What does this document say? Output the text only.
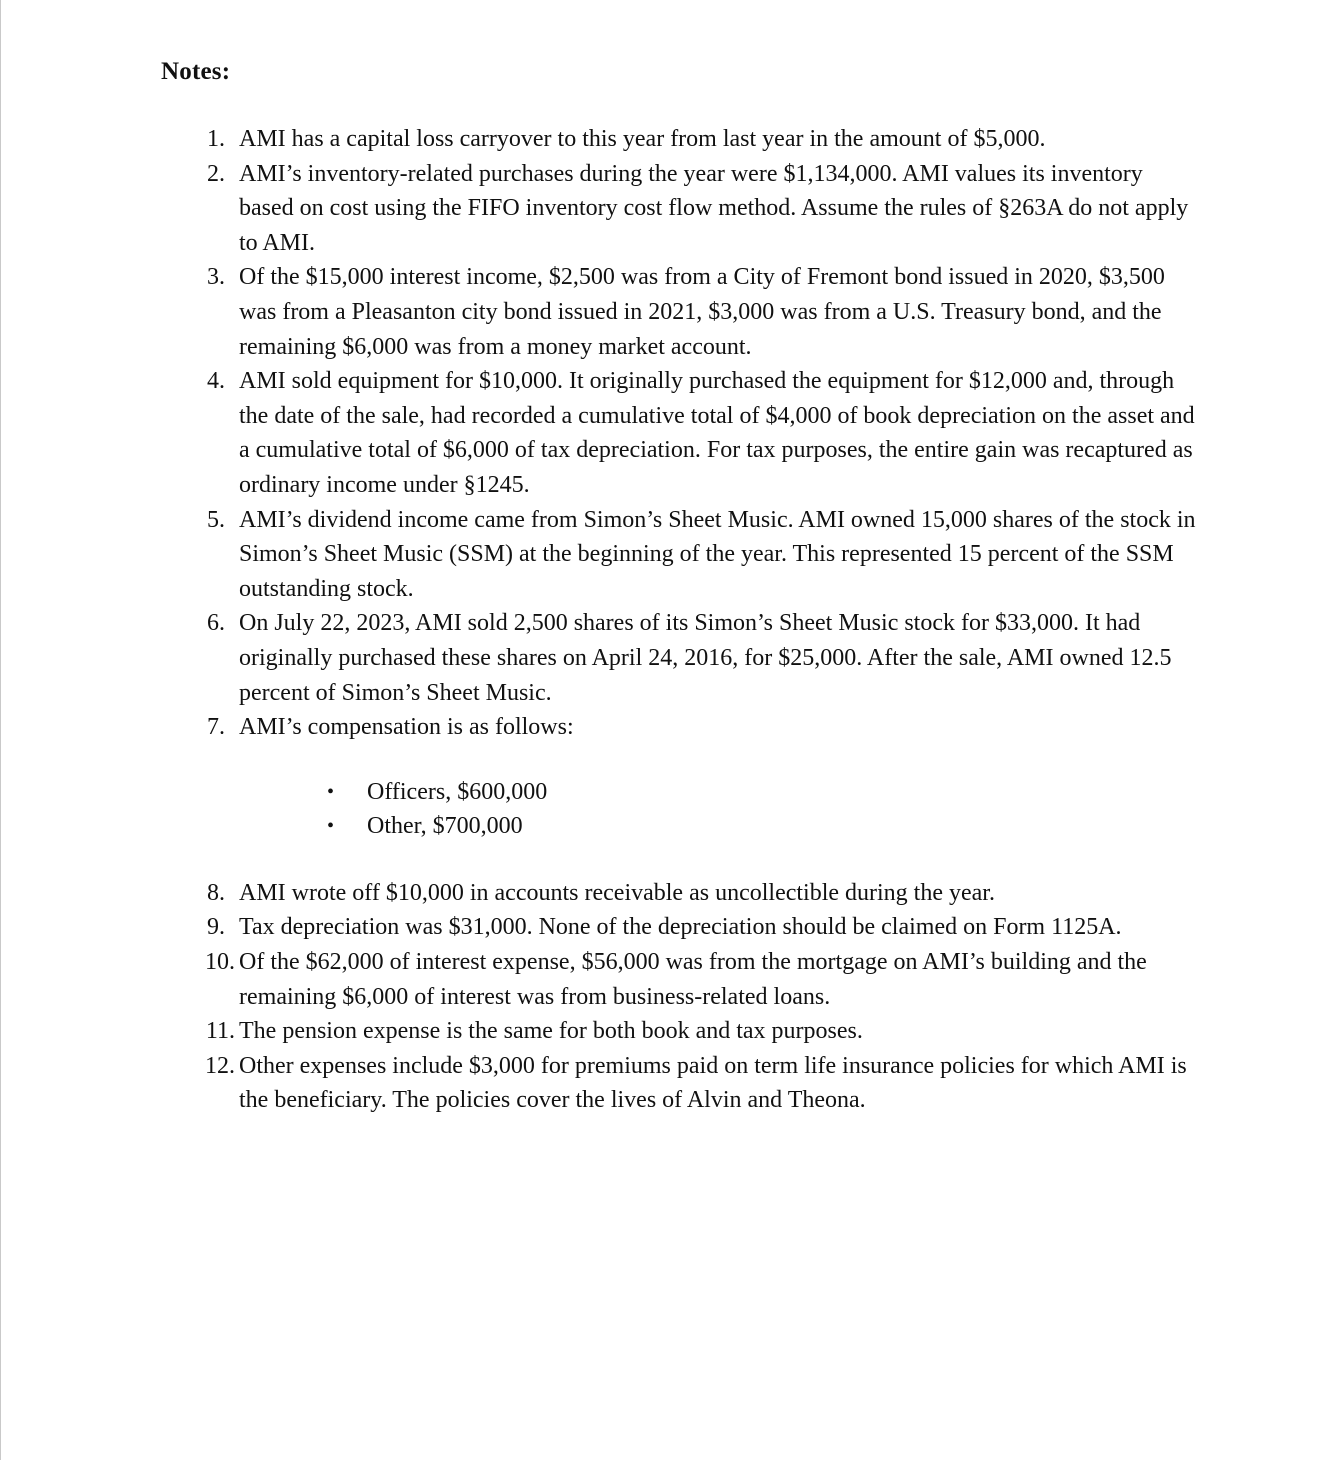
Notes:
1. AMI has a capital loss carryover to this year from last year in the amount of $5,000.
2. AMI’s inventory-related purchases during the year were $1,134,000. AMI values its inventory based on cost using the FIFO inventory cost flow method. Assume the rules of §263A do not apply to AMI.
3. Of the $15,000 interest income, $2,500 was from a City of Fremont bond issued in 2020, $3,500 was from a Pleasanton city bond issued in 2021, $3,000 was from a U.S. Treasury bond, and the remaining $6,000 was from a money market account.
4. AMI sold equipment for $10,000. It originally purchased the equipment for $12,000 and, through the date of the sale, had recorded a cumulative total of $4,000 of book depreciation on the asset and a cumulative total of $6,000 of tax depreciation. For tax purposes, the entire gain was recaptured as ordinary income under §1245.
5. AMI’s dividend income came from Simon’s Sheet Music. AMI owned 15,000 shares of the stock in Simon’s Sheet Music (SSM) at the beginning of the year. This represented 15 percent of the SSM outstanding stock.
6. On July 22, 2023, AMI sold 2,500 shares of its Simon’s Sheet Music stock for $33,000. It had originally purchased these shares on April 24, 2016, for $25,000. After the sale, AMI owned 12.5 percent of Simon’s Sheet Music.
7. AMI’s compensation is as follows:
• Officers, $600,000
• Other, $700,000
8. AMI wrote off $10,000 in accounts receivable as uncollectible during the year.
9. Tax depreciation was $31,000. None of the depreciation should be claimed on Form 1125A.
10. Of the $62,000 of interest expense, $56,000 was from the mortgage on AMI’s building and the remaining $6,000 of interest was from business-related loans.
11. The pension expense is the same for both book and tax purposes.
12. Other expenses include $3,000 for premiums paid on term life insurance policies for which AMI is the beneficiary. The policies cover the lives of Alvin and Theona.
